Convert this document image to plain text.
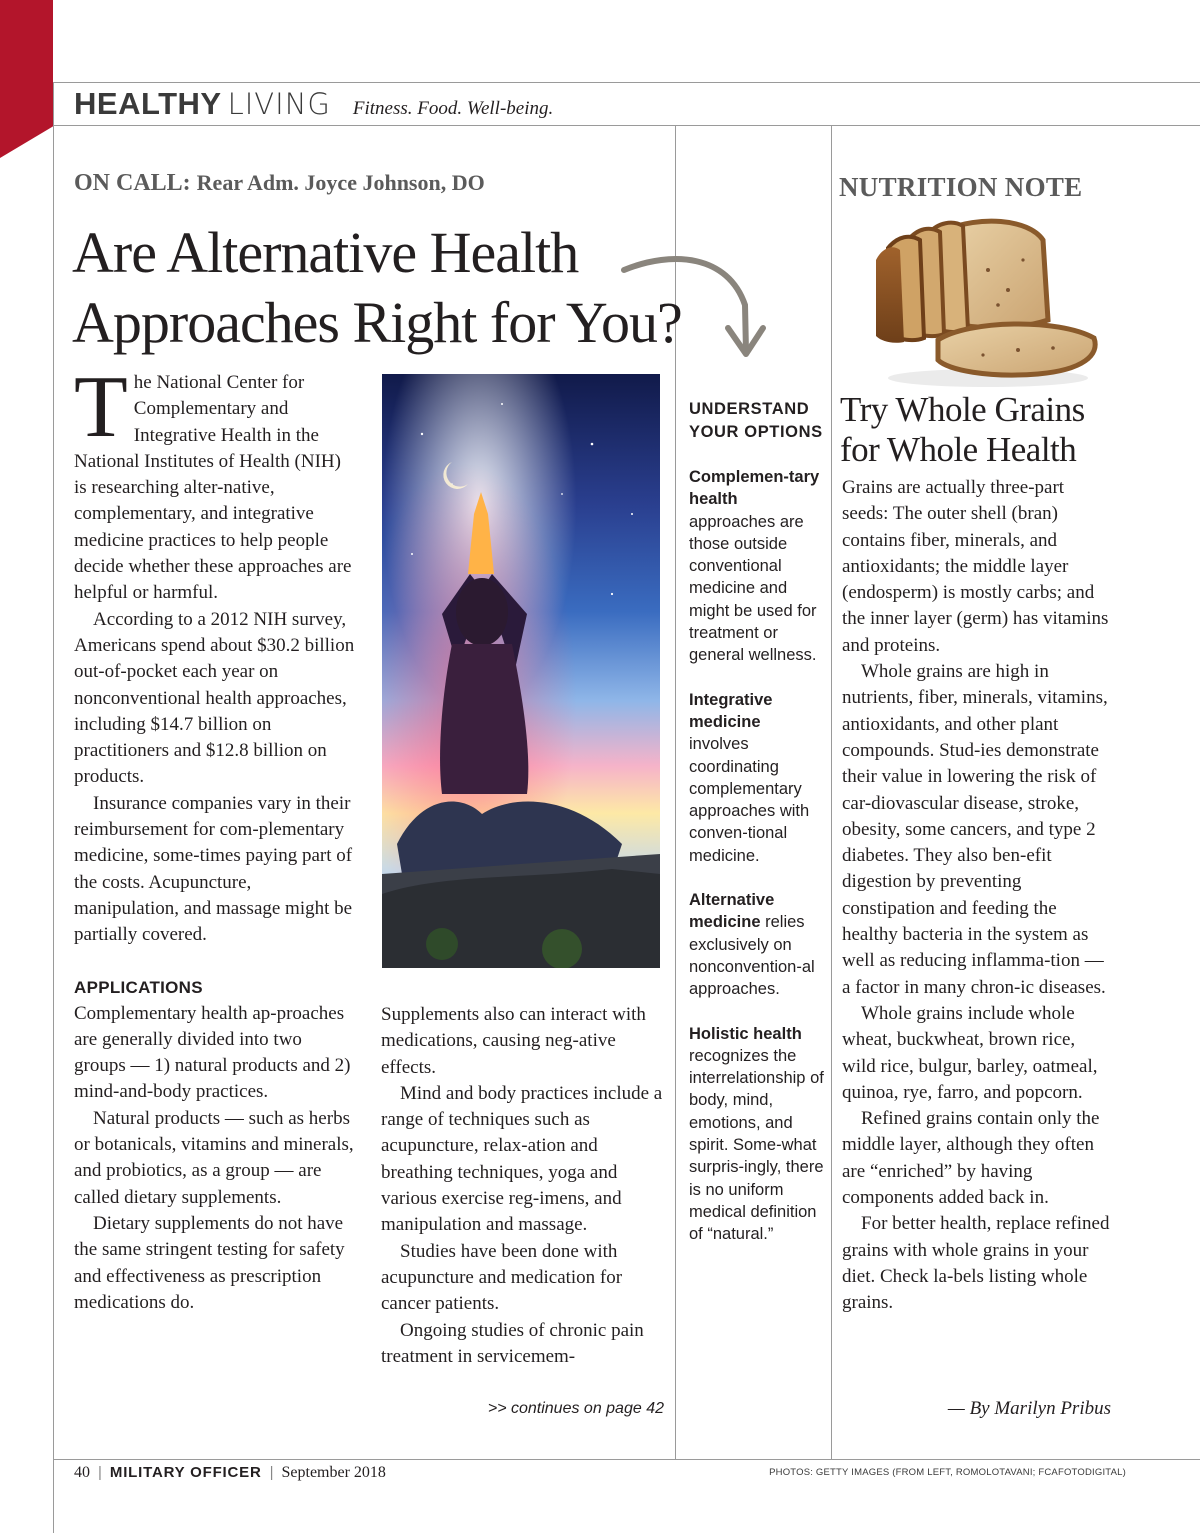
HEALTHY LIVING Fitness. Food. Well-being.
ON CALL: Rear Adm. Joyce Johnson, DO
Are Alternative Health
Approaches Right for You?

T he National Center for Complementary and Integrative Health in the National Institutes of Health (NIH) is researching alter-native, complementary, and integrative medicine practices to help people decide whether these approaches are helpful or harmful.

According to a 2012 NIH survey, Americans spend about $30.2 billion out-of-pocket each year on nonconventional health approaches, including $14.7 billion on practitioners and $12.8 billion on products.

Insurance companies vary in their reimbursement for com-plementary medicine, some-times paying part of the costs. Acupuncture, manipulation, and massage might be partially covered.

APPLICATIONS

Complementary health ap-proaches are generally divided into two groups — 1) natural products and 2) mind-and-body practices.

Natural products — such as herbs or botanicals, vitamins and minerals, and probiotics, as a group — are called dietary supplements.

Dietary supplements do not have the same stringent testing for safety and effectiveness as prescription medications do.

Supplements also can interact with medications, causing neg-ative effects.

Mind and body practices include a range of techniques such as acupuncture, relax-ation and breathing techniques, yoga and various exercise reg-imens, and manipulation and massage.

Studies have been done with acupuncture and medication for cancer patients.

Ongoing studies of chronic pain treatment in servicemem-

>> continues on page 42
UNDERSTAND YOUR OPTIONS
Complemen-tary health approaches are those outside conventional medicine and might be used for treatment or general wellness.
Integrative medicine involves coordinating complementary approaches with conven-tional medicine.
Alternative medicine relies exclusively on nonconvention-al approaches.
Holistic health recognizes the interrelationship of body, mind, emotions, and spirit. Some-what surpris-ingly, there is no uniform medical definition of “natural.”
NUTRITION NOTE
Try Whole Grains
for Whole Health

Grains are actually three-part seeds: The outer shell (bran) contains fiber, minerals, and antioxidants; the middle layer (endosperm) is mostly carbs; and the inner layer (germ) has vitamins and proteins.

Whole grains are high in nutrients, fiber, minerals, vitamins, antioxidants, and other plant compounds. Stud-ies demonstrate their value in lowering the risk of car-diovascular disease, stroke, obesity, some cancers, and type 2 diabetes. They also ben-efit digestion by preventing constipation and feeding the healthy bacteria in the system as well as reducing inflamma-tion — a factor in many chron-ic diseases.

Whole grains include whole wheat, buckwheat, brown rice, wild rice, bulgur, barley, oatmeal, quinoa, rye, farro, and popcorn.

Refined grains contain only the middle layer, although they often are “enriched” by having components added back in.

For better health, replace refined grains with whole grains in your diet. Check la-bels listing whole grains.

— By Marilyn Pribus
40 | MILITARY OFFICER | September 2018	PHOTOS: GETTY IMAGES (FROM LEFT, ROMOLOTAVANI; FCAFOTODIGITAL)
